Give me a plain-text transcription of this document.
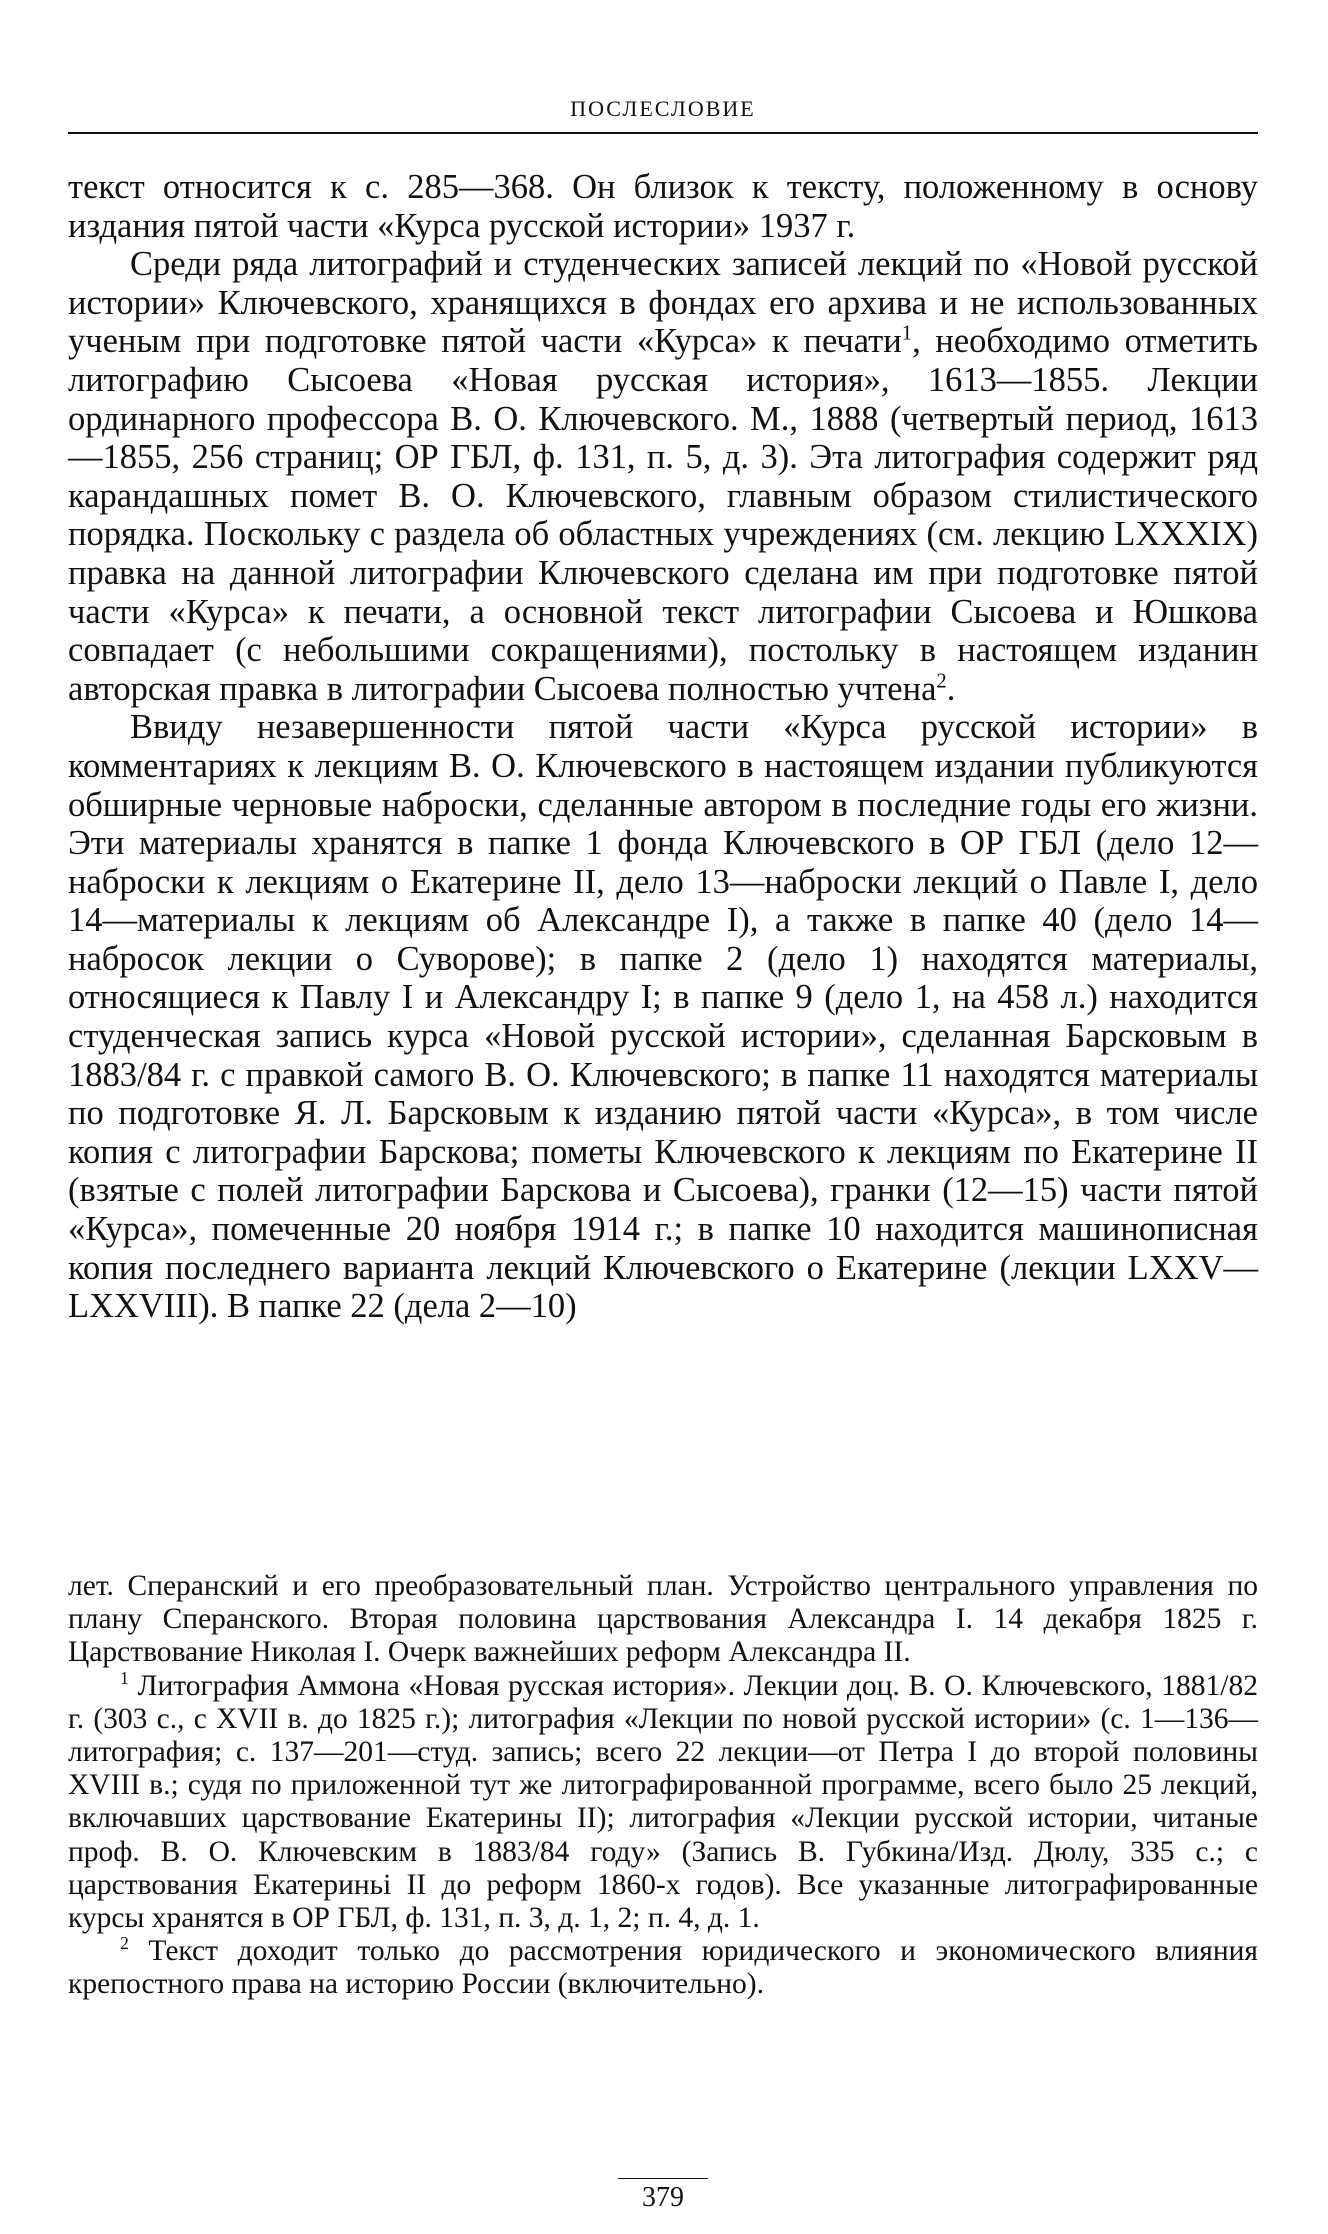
ПОСЛЕСЛОВИЕ

текст относится к с. 285—368. Он близок к тексту, положенному в основу издания пятой части «Курса русской истории» 1937 г.

Среди ряда литографий и студенческих записей лекций по «Новой русской истории» Ключевского, хранящихся в фондах его архива и не использованных ученым при подготовке пятой части «Курса» к печати$^1$, необходимо отметить литографию Сысоева «Новая русская история», 1613—1855. Лекции ординарного профессора В. О. Ключевского. М., 1888 (четвертый период, 1613—1855, 256 страниц; ОР ГБЛ, ф. 131, п. 5, д. 3). Эта литография содержит ряд карандашных помет В. О. Ключевского, главным образом стилистического порядка. Поскольку с раздела об областных учреждениях (см. лекцию LXXXIX) правка на данной литографии Ключевского сделана им при подготовке пятой части «Курса» к печати, а основной текст литографии Сысоева и Юшкова совпадает (с небольшими сокращениями), постольку в настоящем изданин авторская правка в литографии Сысоева полностью учтена$^2$.

Ввиду незавершенности пятой части «Курса русской истории» в комментариях к лекциям В. О. Ключевского в настоящем издании публикуются обширные черновые наброски, сделанные автором в последние годы его жизни. Эти материалы хранятся в папке 1 фонда Ключевского в ОР ГБЛ (дело 12—наброски к лекциям о Екатерине II, дело 13—наброски лекций о Павле I, дело 14—материалы к лекциям об Александре I), а также в папке 40 (дело 14—набросок лекции о Суворове); в папке 2 (дело 1) находятся материалы, относящиеся к Павлу I и Александру I; в папке 9 (дело 1, на 458 л.) находится студенческая запись курса «Новой русской истории», сделанная Барсковым в 1883/84 г. с правкой самого В. О. Ключевского; в папке 11 находятся материалы по подготовке Я. Л. Барсковым к изданию пятой части «Курса», в том числе копия с литографии Барскова; пометы Ключевского к лекциям по Екатерине II (взятые с полей литографии Барскова и Сысоева), гранки (12—15) части пятой «Курса», помеченные 20 ноября 1914 г.; в папке 10 находится машинописная копия последнего варианта лекций Ключевского о Екатерине (лекции LXXV—LXXVIII). В папке 22 (дела 2—10)

лет. Сперанский и его преобразовательный план. Устройство центрального управления по плану Сперанского. Вторая половина царствования Александра I. 14 декабря 1825 г. Царствование Николая I. Очерк важнейших реформ Александра II.

$^1$ Литография Аммона «Новая русская история». Лекции доц. В. О. Ключевского, 1881/82 г. (303 с., с XVII в. до 1825 г.); литография «Лекции по новой русской истории» (с. 1—136—литография; с. 137—201—студ. запись; всего 22 лекции—от Петра I до второй половины XVIII в.; судя по приложенной тут же литографированной программе, всего было 25 лекций, включавших царствование Екатерины II); литография «Лекции русской истории, читаные проф. В. О. Ключевским в 1883/84 году» (Запись В. Губкина/Изд. Дюлу, 335 с.; с царствования Екатериньі II до реформ 1860-х годов). Все указанные литографированные курсы хранятся в ОР ГБЛ, ф. 131, п. 3, д. 1, 2; п. 4, д. 1.

$^2$ Текст доходит только до рассмотрения юридического и экономического влияния крепостного права на историю России (включительно).

379
